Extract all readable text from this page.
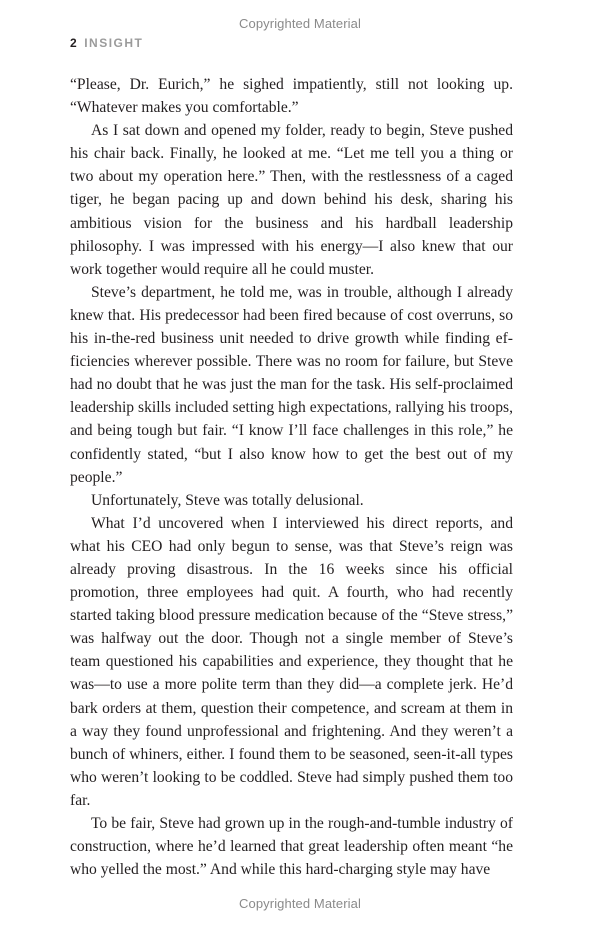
Copyrighted Material
2 INSIGHT

“Please, Dr. Eurich,” he sighed impatiently, still not looking up. “Whatever makes you comfortable.”

As I sat down and opened my folder, ready to begin, Steve pushed his chair back. Finally, he looked at me. “Let me tell you a thing or two about my operation here.” Then, with the restlessness of a caged tiger, he began pacing up and down behind his desk, sharing his ambitious vision for the business and his hardball leadership philosophy. I was impressed with his energy—I also knew that our work together would require all he could muster.

Steve’s department, he told me, was in trouble, although I already knew that. His predecessor had been fired because of cost overruns, so his in-the-red business unit needed to drive growth while finding efficiencies wherever possible. There was no room for failure, but Steve had no doubt that he was just the man for the task. His self-proclaimed leadership skills included setting high expectations, rallying his troops, and being tough but fair. “I know I’ll face challenges in this role,” he confidently stated, “but I also know how to get the best out of my people.”

Unfortunately, Steve was totally delusional.

What I’d uncovered when I interviewed his direct reports, and what his CEO had only begun to sense, was that Steve’s reign was already proving disastrous. In the 16 weeks since his official promotion, three employees had quit. A fourth, who had recently started taking blood pressure medication because of the “Steve stress,” was halfway out the door. Though not a single member of Steve’s team questioned his capabilities and experience, they thought that he was—to use a more polite term than they did—a complete jerk. He’d bark orders at them, question their competence, and scream at them in a way they found unprofessional and frightening. And they weren’t a bunch of whiners, either. I found them to be seasoned, seen-it-all types who weren’t looking to be coddled. Steve had simply pushed them too far.

To be fair, Steve had grown up in the rough-and-tumble industry of construction, where he’d learned that great leadership often meant “he who yelled the most.” And while this hard-charging style may have

Copyrighted Material
